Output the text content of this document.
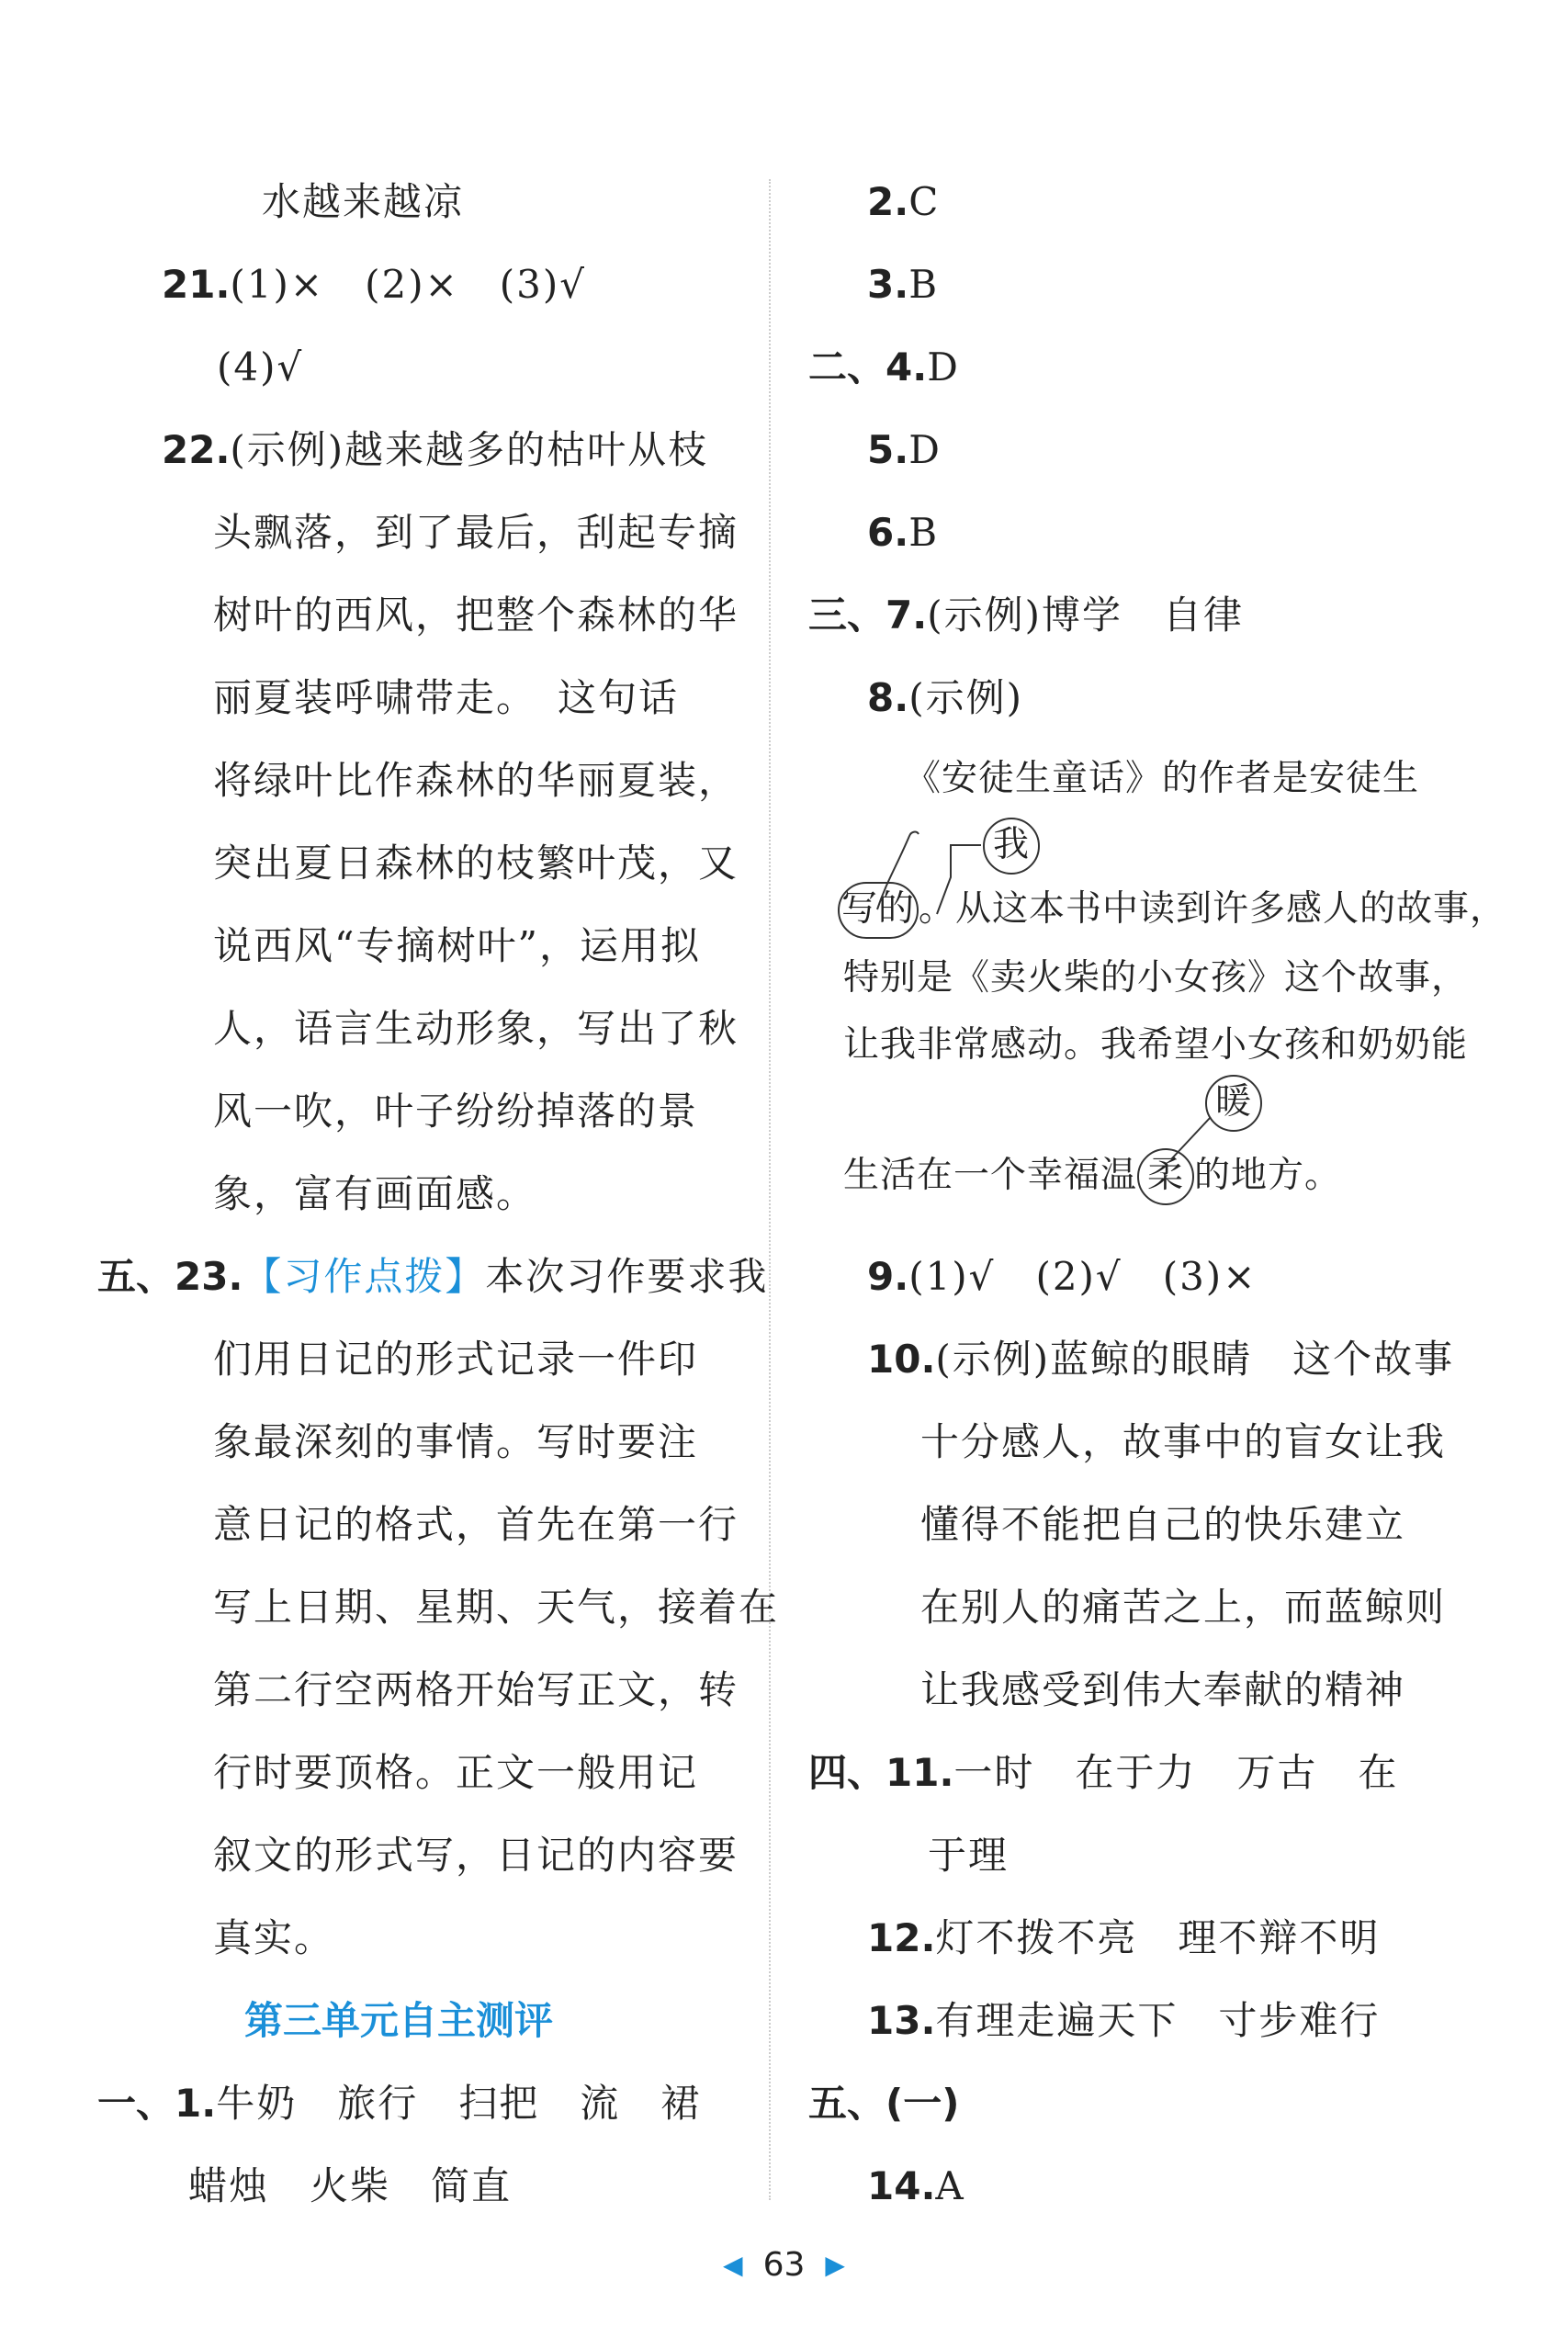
水越来越凉
21.(1)×　(2)×　(3)√
(4)√
22.(示例)越来越多的枯叶从枝
头飘落，到了最后，刮起专摘
树叶的西风，把整个森林的华
丽夏装呼啸带走。　这句话
将绿叶比作森林的华丽夏装，
突出夏日森林的枝繁叶茂，又
说西风“专摘树叶”，运用拟
人，语言生动形象，写出了秋
风一吹，叶子纷纷掉落的景
象，富有画面感。
五、23.【习作点拨】本次习作要求我
们用日记的形式记录一件印
象最深刻的事情。写时要注
意日记的格式，首先在第一行
写上日期、星期、天气，接着在
第二行空两格开始写正文，转
行时要顶格。正文一般用记
叙文的形式写，日记的内容要
真实。
第三单元自主测评
一、1.牛奶　旅行　扫把　流　裙
蜡烛　火柴　简直
2.C
3.B
二、4.D
5.D
6.B
三、7.(示例)博学　自律
8.(示例)
《安徒生童话》的作者是安徒生
我
写的 。从这本书中读到许多感人的故事，
特别是《卖火柴的小女孩》这个故事，
让我非常感动。我希望小女孩和奶奶能
暖
生活在一个幸福温 柔 的地方。
9.(1)√　(2)√　(3)×
10.(示例)蓝鲸的眼睛　这个故事
十分感人，故事中的盲女让我
懂得不能把自己的快乐建立
在别人的痛苦之上，而蓝鲸则
让我感受到伟大奉献的精神
四、11.一时　在于力　万古　在
于理
12.灯不拨不亮　理不辩不明
13.有理走遍天下　寸步难行
五、(一)
14.A
◀ 63 ▶
